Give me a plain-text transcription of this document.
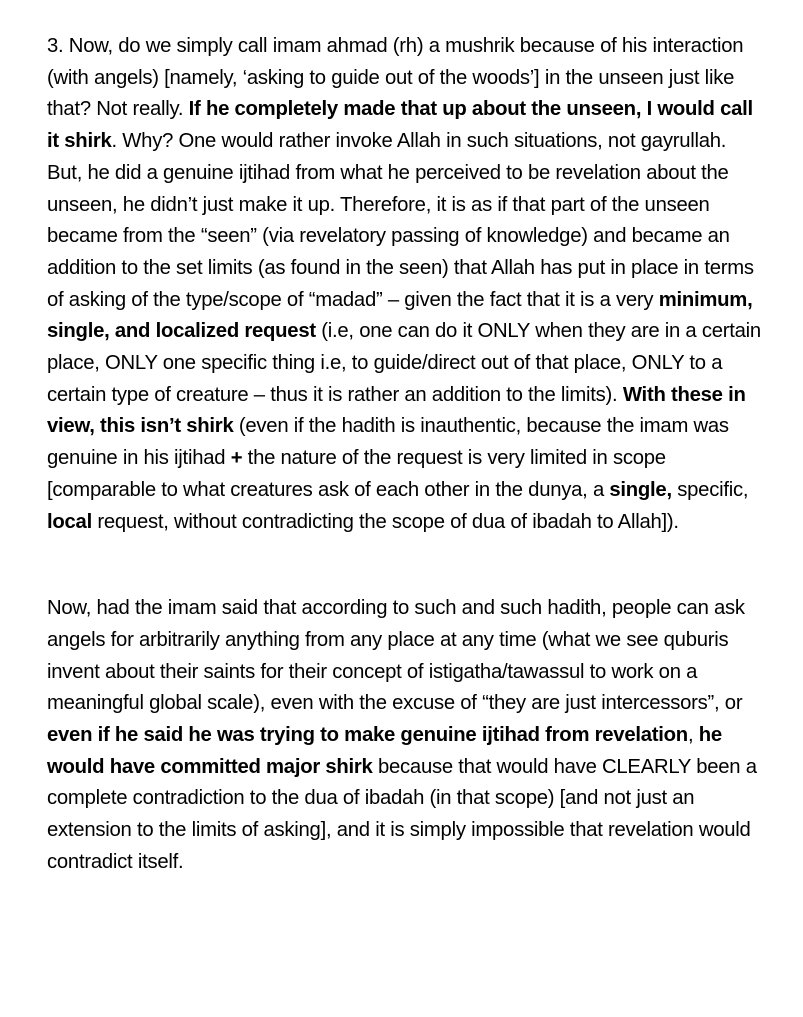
3. Now, do we simply call imam ahmad (rh) a mushrik because of his interaction (with angels) [namely, ‘asking to guide out of the woods’] in the unseen just like that? Not really. If he completely made that up about the unseen, I would call it shirk. Why? One would rather invoke Allah in such situations, not gayrullah. But, he did a genuine ijtihad from what he perceived to be revelation about the unseen, he didn’t just make it up. Therefore, it is as if that part of the unseen became from the “seen” (via revelatory passing of knowledge) and became an addition to the set limits (as found in the seen) that Allah has put in place in terms of asking of the type/scope of “madad” – given the fact that it is a very minimum, single, and localized request (i.e, one can do it ONLY when they are in a certain place, ONLY one specific thing i.e, to guide/direct out of that place, ONLY to a certain type of creature – thus it is rather an addition to the limits). With these in view, this isn’t shirk (even if the hadith is inauthentic, because the imam was genuine in his ijtihad + the nature of the request is very limited in scope [comparable to what creatures ask of each other in the dunya, a single, specific, local request, without contradicting the scope of dua of ibadah to Allah]).

Now, had the imam said that according to such and such hadith, people can ask angels for arbitrarily anything from any place at any time (what we see quburis invent about their saints for their concept of istigatha/tawassul to work on a meaningful global scale), even with the excuse of “they are just intercessors”, or even if he said he was trying to make genuine ijtihad from revelation, he would have committed major shirk because that would have CLEARLY been a complete contradiction to the dua of ibadah (in that scope) [and not just an extension to the limits of asking], and it is simply impossible that revelation would contradict itself.
